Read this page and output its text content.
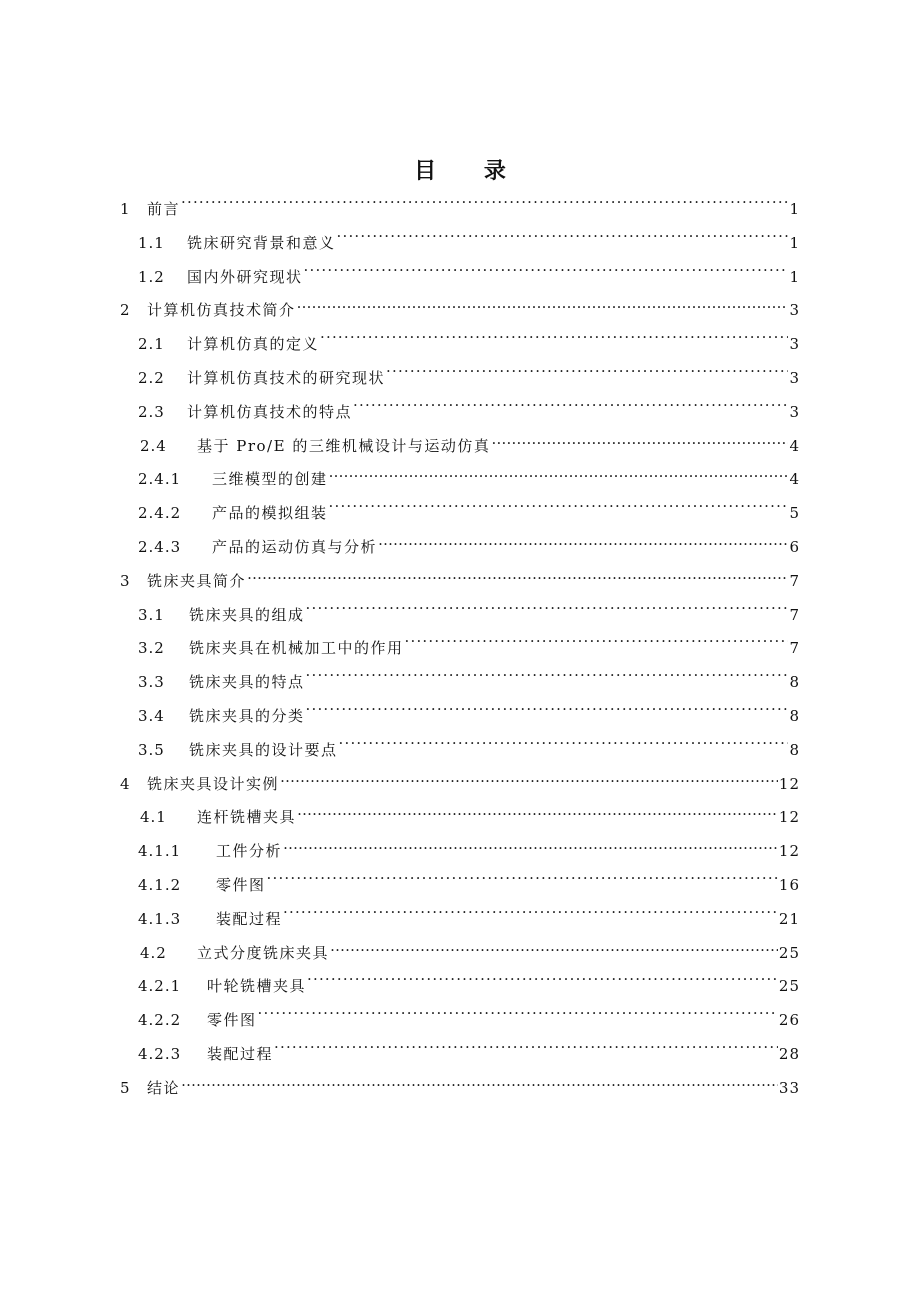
目 录
1	前言 ·····	1
1.1	铣床研究背景和意义 ·····	1
1.2	国内外研究现状 ·····	1
2	计算机仿真技术简介 …………………………………………………………………………………………………………………………………………………………	3
2.1	计算机仿真的定义 ·····	3
2.2	计算机仿真技术的研究现状 ·····	3
2.3	计算机仿真技术的特点 ·····	3
2.4	基于 Pro/E 的三维机械设计与运动仿真 …………………………………………………………………………………………………………………………………………………………	4
2.4.1	三维模型的创建 …………………………………………………………………………………………………………………………………………………………	4
2.4.2	产品的模拟组装 ·····	5
2.4.3	产品的运动仿真与分析 …………………………………………………………………………………………………………………………………………………………	6
3	铣床夹具简介 …………………………………………………………………………………………………………………………………………………………	7
3.1	铣床夹具的组成 ·····	7
3.2	铣床夹具在机械加工中的作用 ·····	7
3.3	铣床夹具的特点 ·····	8
3.4	铣床夹具的分类 ·····	8
3.5	铣床夹具的设计要点 ·····	8
4	铣床夹具设计实例 …………………………………………………………………………………………………………………………………………………………	12
4.1	连杆铣槽夹具 …………………………………………………………………………………………………………………………………………………………	12
4.1.1	工件分析 …………………………………………………………………………………………………………………………………………………………	12
4.1.2	零件图 ·····	16
4.1.3	装配过程 ·····	21
4.2	立式分度铣床夹具 …………………………………………………………………………………………………………………………………………………………	25
4.2.1	叶轮铣槽夹具 ·····	25
4.2.2	零件图 ·····	26
4.2.3	装配过程 ·····	28
5	结论 …………………………………………………………………………………………………………………………………………………………	33
